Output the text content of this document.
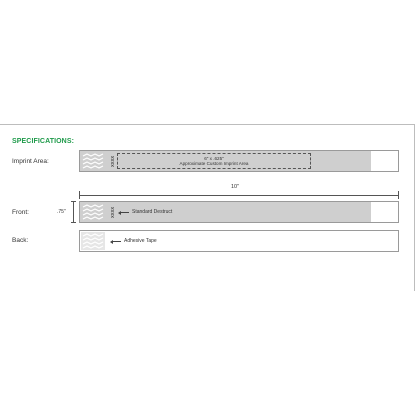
SPECIFICATIONS:
Imprint Area:	XXXX	6" x .625"
Approximate Custom Imprint Area
10"
Front:	.75"	XXXX	Standard Destruct
Back:	Adhesive Tape
